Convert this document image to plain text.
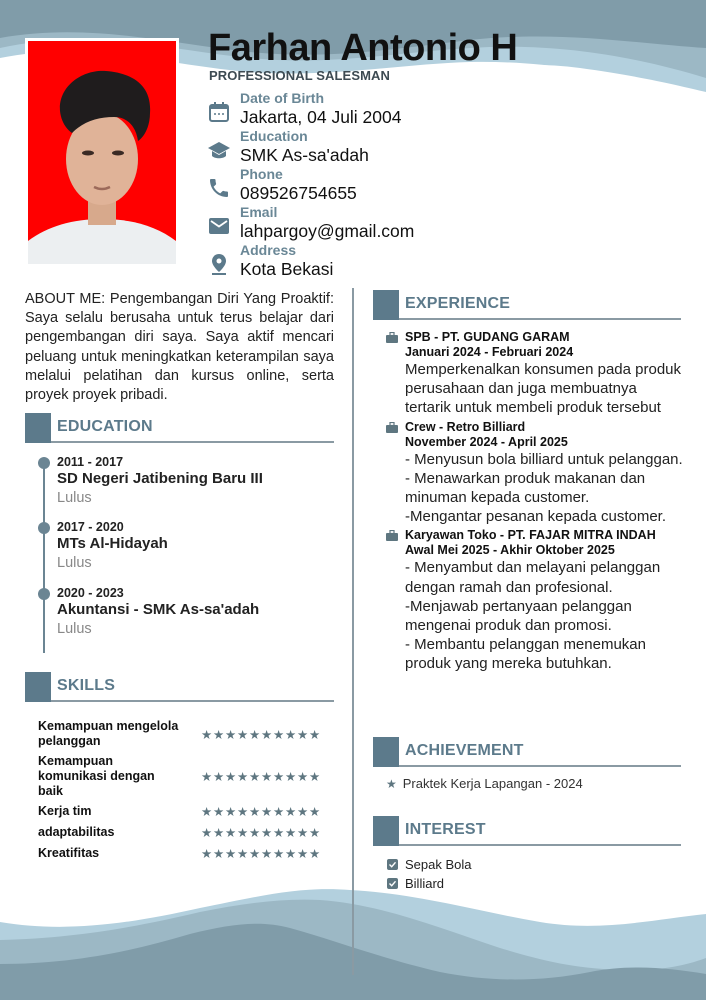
Farhan Antonio H
PROFESSIONAL SALESMAN
Date of Birth
Jakarta, 04 Juli 2004
Education
SMK As-sa'adah
Phone
089526754655
Email
lahpargoy@gmail.com
Address
Kota Bekasi
ABOUT ME: Pengembangan Diri Yang Proaktif: Saya selalu berusaha untuk terus belajar dari pengembangan diri saya. Saya aktif mencari peluang untuk meningkatkan keterampilan saya melalui pelatihan dan kursus online, serta proyek proyek pribadi.
EDUCATION
2011 - 2017
SD Negeri Jatibening Baru III
Lulus
2017 - 2020
MTs Al-Hidayah
Lulus
2020 - 2023
Akuntansi - SMK As-sa'adah
Lulus
SKILLS
Kemampuan mengelola pelanggan	★★★★★★★★★★
Kemampuan komunikasi dengan baik
★★★★★★★★★★
Kerja tim	★★★★★★★★★★
adaptabilitas	★★★★★★★★★★
Kreatifitas	★★★★★★★★★★
EXPERIENCE
SPB - PT. GUDANG GARAM
Januari 2024 - Februari 2024
Memperkenalkan konsumen pada produk perusahaan dan juga membuatnya tertarik untuk membeli produk tersebut
Crew - Retro Billiard
November 2024 - April 2025
- Menyusun bola billiard untuk pelanggan.
- Menawarkan produk makanan dan minuman kepada customer.
-Mengantar pesanan kepada customer.
Karyawan Toko - PT. FAJAR MITRA INDAH
Awal Mei 2025 - Akhir Oktober 2025
- Menyambut dan melayani pelanggan dengan ramah dan profesional.
-Menjawab pertanyaan pelanggan mengenai produk dan promosi.
- Membantu pelanggan menemukan produk yang mereka butuhkan.
ACHIEVEMENT
★ Praktek Kerja Lapangan - 2024
INTEREST
Sepak Bola
Billiard
